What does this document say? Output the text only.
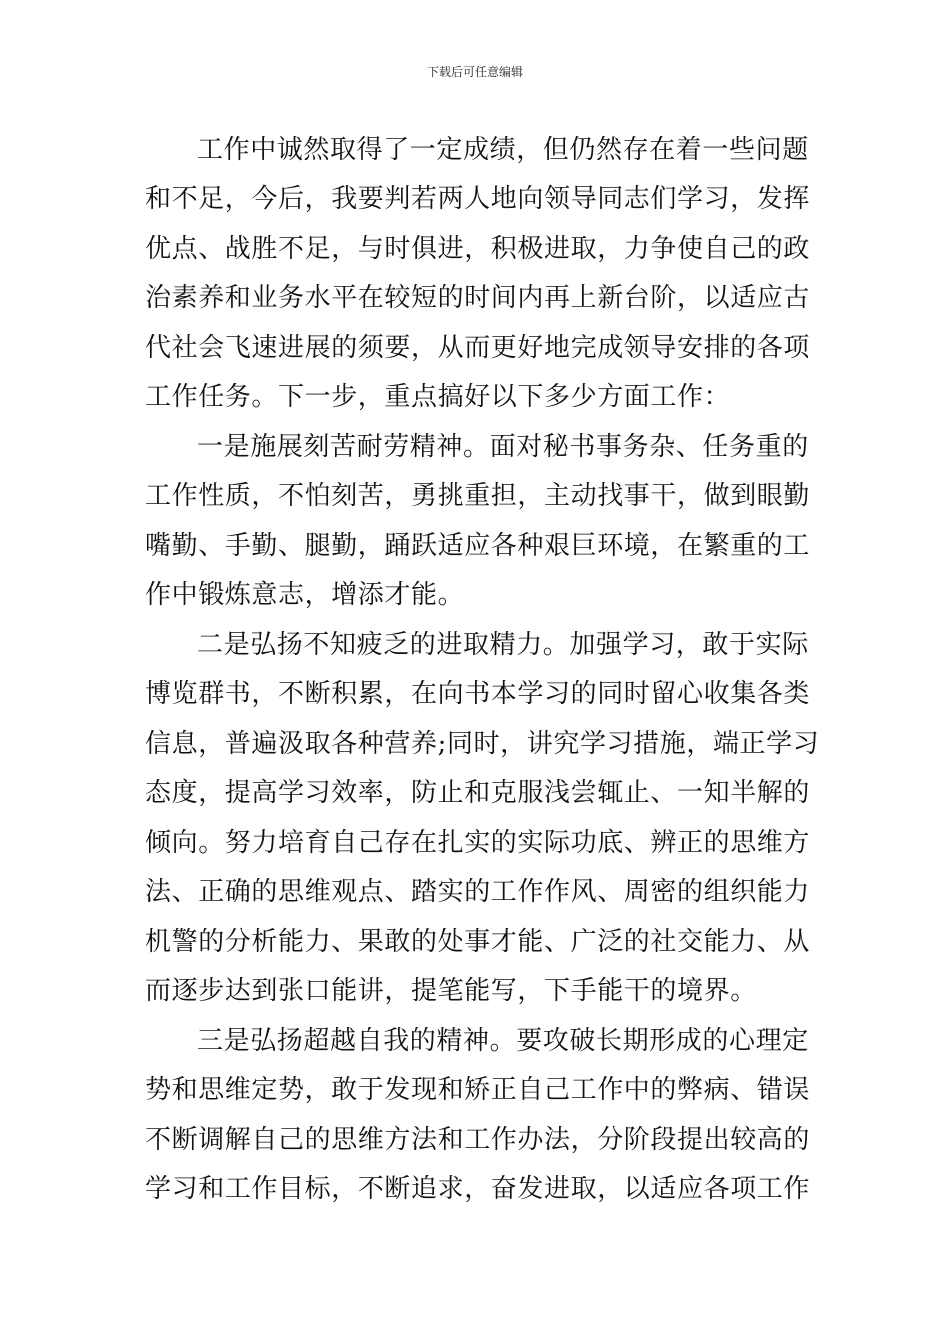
下载后可任意编辑
工作中诚然取得了一定成绩，但仍然存在着一些问题
和不足，今后，我要判若两人地向领导同志们学习，发挥
优点、战胜不足，与时俱进，积极进取，力争使自己的政
治素养和业务水平在较短的时间内再上新台阶，以适应古
代社会飞速进展的须要，从而更好地完成领导安排的各项
工作任务。下一步，重点搞好以下多少方面工作：
一是施展刻苦耐劳精神。面对秘书事务杂、任务重的
工作性质，不怕刻苦，勇挑重担，主动找事干，做到眼勤
嘴勤、手勤、腿勤，踊跃适应各种艰巨环境，在繁重的工
作中锻炼意志，增添才能。
二是弘扬不知疲乏的进取精力。加强学习，敢于实际
博览群书，不断积累，在向书本学习的同时留心收集各类
信息，普遍汲取各种营养;同时，讲究学习措施，端正学习
态度，提高学习效率，防止和克服浅尝辄止、一知半解的
倾向。努力培育自己存在扎实的实际功底、辨正的思维方
法、正确的思维观点、踏实的工作作风、周密的组织能力
机警的分析能力、果敢的处事才能、广泛的社交能力、从
而逐步达到张口能讲，提笔能写，下手能干的境界。
三是弘扬超越自我的精神。要攻破长期形成的心理定
势和思维定势，敢于发现和矫正自己工作中的弊病、错误
不断调解自己的思维方法和工作办法，分阶段提出较高的
学习和工作目标，不断追求，奋发进取，以适应各项工作
